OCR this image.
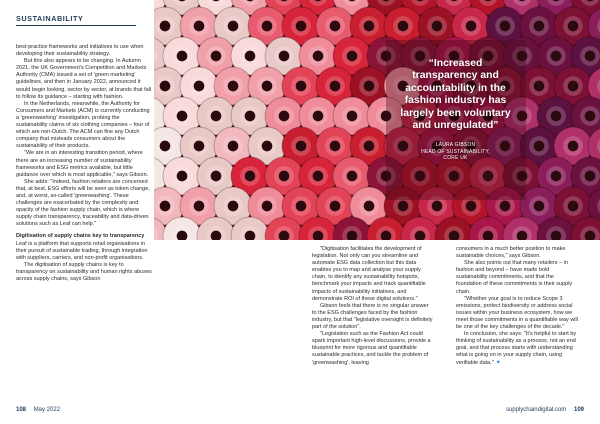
SUSTAINABILITY

best-practice frameworks and initiatives to use when developing their sustainability strategy.

But this also appears to be changing. In Autumn 2021, the UK Government's Competition and Markets Authority (CMA) issued a set of 'green marketing' guidelines, and then in January 2022, announced it would begin looking, sector by sector, at brands that fall to follow its guidance – starting with fashion.

In the Netherlands, meanwhile, the Authority for Consumers and Markets (ACM) is currently conducting a 'greenwashing' investigation, probing the sustainability claims of six clothing companies – four of which are non-Dutch. The ACM can fine any Dutch company that misleads consumers about the sustainability of their products.

"We are in an interesting transition period, where there are an increasing number of sustainability frameworks and ESG metrics available, but little guidance over which is most applicable," says Gibson.

She adds: "Indeed, fashion retailers are concerned that, at best, ESG efforts will be seen as token change, and, at worst, so-called 'greenwashing'. These challenges are exacerbated by the complexity and opacity of the fashion supply chain, which is where supply chain transparency, traceability and data-driven solutions such as Leaf can help."

Digitisation of supply chains key to transparency

Leaf is a platform that supports retail organisations in their pursuit of sustainable trading, through integration with suppliers, carriers, and non-profit organisations.

The digitisation of supply chains is key to transparency on sustainability and human rights abuses across supply chains, says Gibson

“Increased transparency and accountability in the fashion industry has largely been voluntary and unregulated”
LAURA GIBSON
HEAD OF SUSTAINABILITY,
CORE UK

"Digitisation facilitates the development of legislation. Not only can you streamline and automate ESG data collection but this data enables you to map and analyse your supply chain, to identify any sustainability hotspots, benchmark your impacts and track quantifiable impacts of sustainability initiatives, and demonstrate ROI of these digital solutions."

Gibson feels that there is no singular answer to the ESG challenges faced by the fashion industry, but that "legislative oversight is definitely part of the solution".

"Legislation such as the Fashion Act could spark important high-level discussions, provide a blueprint for more rigorous and quantifiable sustainable practices, and tackle the problem of 'greenwashing', leaving

consumers in a much better position to make sustainable choices," says Gibson.

She also points out that many retailers – in fashion and beyond – have made bold sustainability commitments, and that the foundation of these commitments is their supply chain.

"Whether your goal is to reduce Scope 3 emissions, protect biodiversity or address social issues within your business ecosystem, how we meet those commitments in a quantifiable way will be one of the key challenges of the decade."

In conclusion, she says: "It's helpful to start by thinking of sustainability as a process, not an end goal, and that process starts with understanding what is going on in your supply chain, using verifiable data." ✦

108 May 2022	supplychaindigital.com 109
